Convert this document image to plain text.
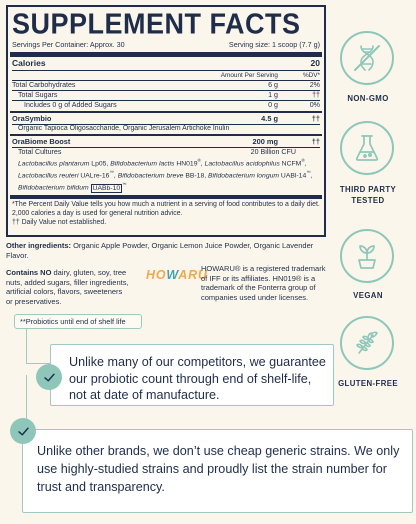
SUPPLEMENT FACTS
Servings Per Container: Approx. 30	Serving size: 1 scoop (7.7 g)
Calories	20
Amount Per Serving	%DV*
Total Carbohydrates	6 g	2%
Total Sugars	1 g	††
Includes 0 g of Added Sugars	0 g	0%
OraSymbio	4.5 g	††
Organic Tapioca Oligosaccharide, Organic Jerusalem Artichoke Inulin
OraBiome Boost	200 mg	††
Total Cultures	20 Billion CFU
Lactobacillus plantarum Lp05, Bifidobacterium lactis HN019®, Lactobacillus acidophilus NCFM®, Lactobacillus reuteri UALre-16™, Bifidobacterium breve BB-18, Bifidobacterium longum UABl-14™, Bifidobacterium bifidum UABb-10 ™
*The Percent Daily Value tells you how much a nutrient in a serving of food contributes to a daily diet. 2,000 calories a day is used for general nutrition advice.
†† Daily Value not established.
Other ingredients: Organic Apple Powder, Organic Lemon Juice Powder, Organic Lavender Flavor.
Contains NO dairy, gluten, soy, tree nuts, added sugars, filler ingredients, artificial colors, flavors, sweeteners or preservatives.
HOWARU
HOWARU® is a registered trademark of IFF or its affiliates. HN019® is a trademark of the Fonterra group of companies used under licenses.
**Probiotics until end of shelf life
Unlike many of our competitors, we guarantee our probiotic count through end of shelf-life, not at date of manufacture.
Unlike other brands, we don’t use cheap generic strains. We only use highly-studied strains and proudly list the strain number for trust and transparency.
NON-GMO
THIRD PARTY TESTED
VEGAN
GLUTEN-FREE
